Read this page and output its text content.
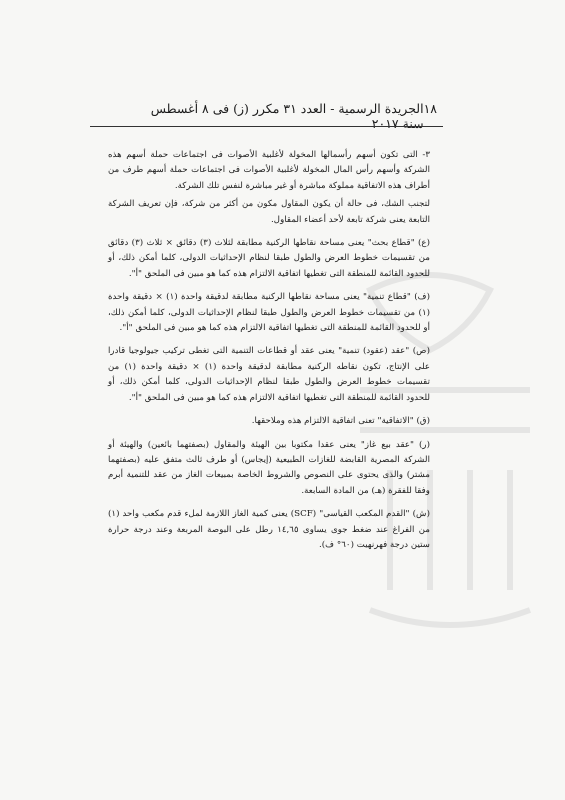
١٨
الجريدة الرسمية - العدد ٣١ مكرر (ز) فى ٨ أغسطس سنة ٢٠١٧

٣- التى تكون أسهم رأسمالها المخولة لأغلبية الأصوات فى اجتماعات حملة أسهم هذه الشركة وأسهم رأس المال المخولة لأغلبية الأصوات فى اجتماعات حملة أسهم طرف من أطراف هذه الاتفاقية مملوكة مباشرة أو غير مباشرة لنفس تلك الشركة.

لتجنب الشك، فى حالة أن يكون المقاول مكون من أكثر من شركة، فإن تعريف الشركة التابعة يعنى شركة تابعة لأحد أعضاء المقاول.

(ع) "قطاع بحث" يعنى مساحة نقاطها الركنية مطابقة لثلاث (٣) دقائق × ثلاث (٣) دقائق من تقسيمات خطوط العرض والطول طبقا لنظام الإحداثيات الدولى، كلما أمكن ذلك، أو للحدود القائمة للمنطقة التى تغطيها اتفاقية الالتزام هذه كما هو مبين فى الملحق "أ".

(ف) "قطاع تنمية" يعنى مساحة نقاطها الركنية مطابقة لدقيقة واحدة (١) × دقيقة واحدة (١) من تقسيمات خطوط العرض والطول طبقا لنظام الإحداثيات الدولى، كلما أمكن ذلك، أو للحدود القائمة للمنطقة التى تغطيها اتفاقية الالتزام هذه كما هو مبين فى الملحق "أ".

(ص) "عقد (عقود) تنمية" يعنى عقد أو قطاعات التنمية التى تغطى تركيب جيولوجيا قادرا على الإنتاج، تكون نقاطه الركنية مطابقة لدقيقة واحدة (١) × دقيقة واحدة (١) من تقسيمات خطوط العرض والطول طبقا لنظام الإحداثيات الدولى، كلما أمكن ذلك، أو للحدود القائمة للمنطقة التى تغطيها اتفاقية الالتزام هذه كما هو مبين فى الملحق "أ".

(ق) "الاتفاقية" تعنى اتفاقية الالتزام هذه وملاحقها.

(ر) "عقد بيع غاز" يعنى عقدا مكتوبا بين الهيئة والمقاول (بصفتهما بائعين) والهيئة أو الشركة المصرية القابضة للغازات الطبيعية (إيجاس) أو طرف ثالث متفق عليه (بصفتهما مشتر) والذى يحتوى على النصوص والشروط الخاصة بمبيعات الغاز من عقد للتنمية أبرم وفقا للفقرة (هـ) من المادة السابعة.

(ش) "القدم المكعب القياسى" (SCF) يعنى كمية الغاز اللازمة لملء قدم مكعب واحد (١) من الفراغ عند ضغط جوى يساوى ١٤,٦٥ رطل على البوصة المربعة وعند درجة حرارة ستين درجة فهرنهيت (٦٠° ف).
